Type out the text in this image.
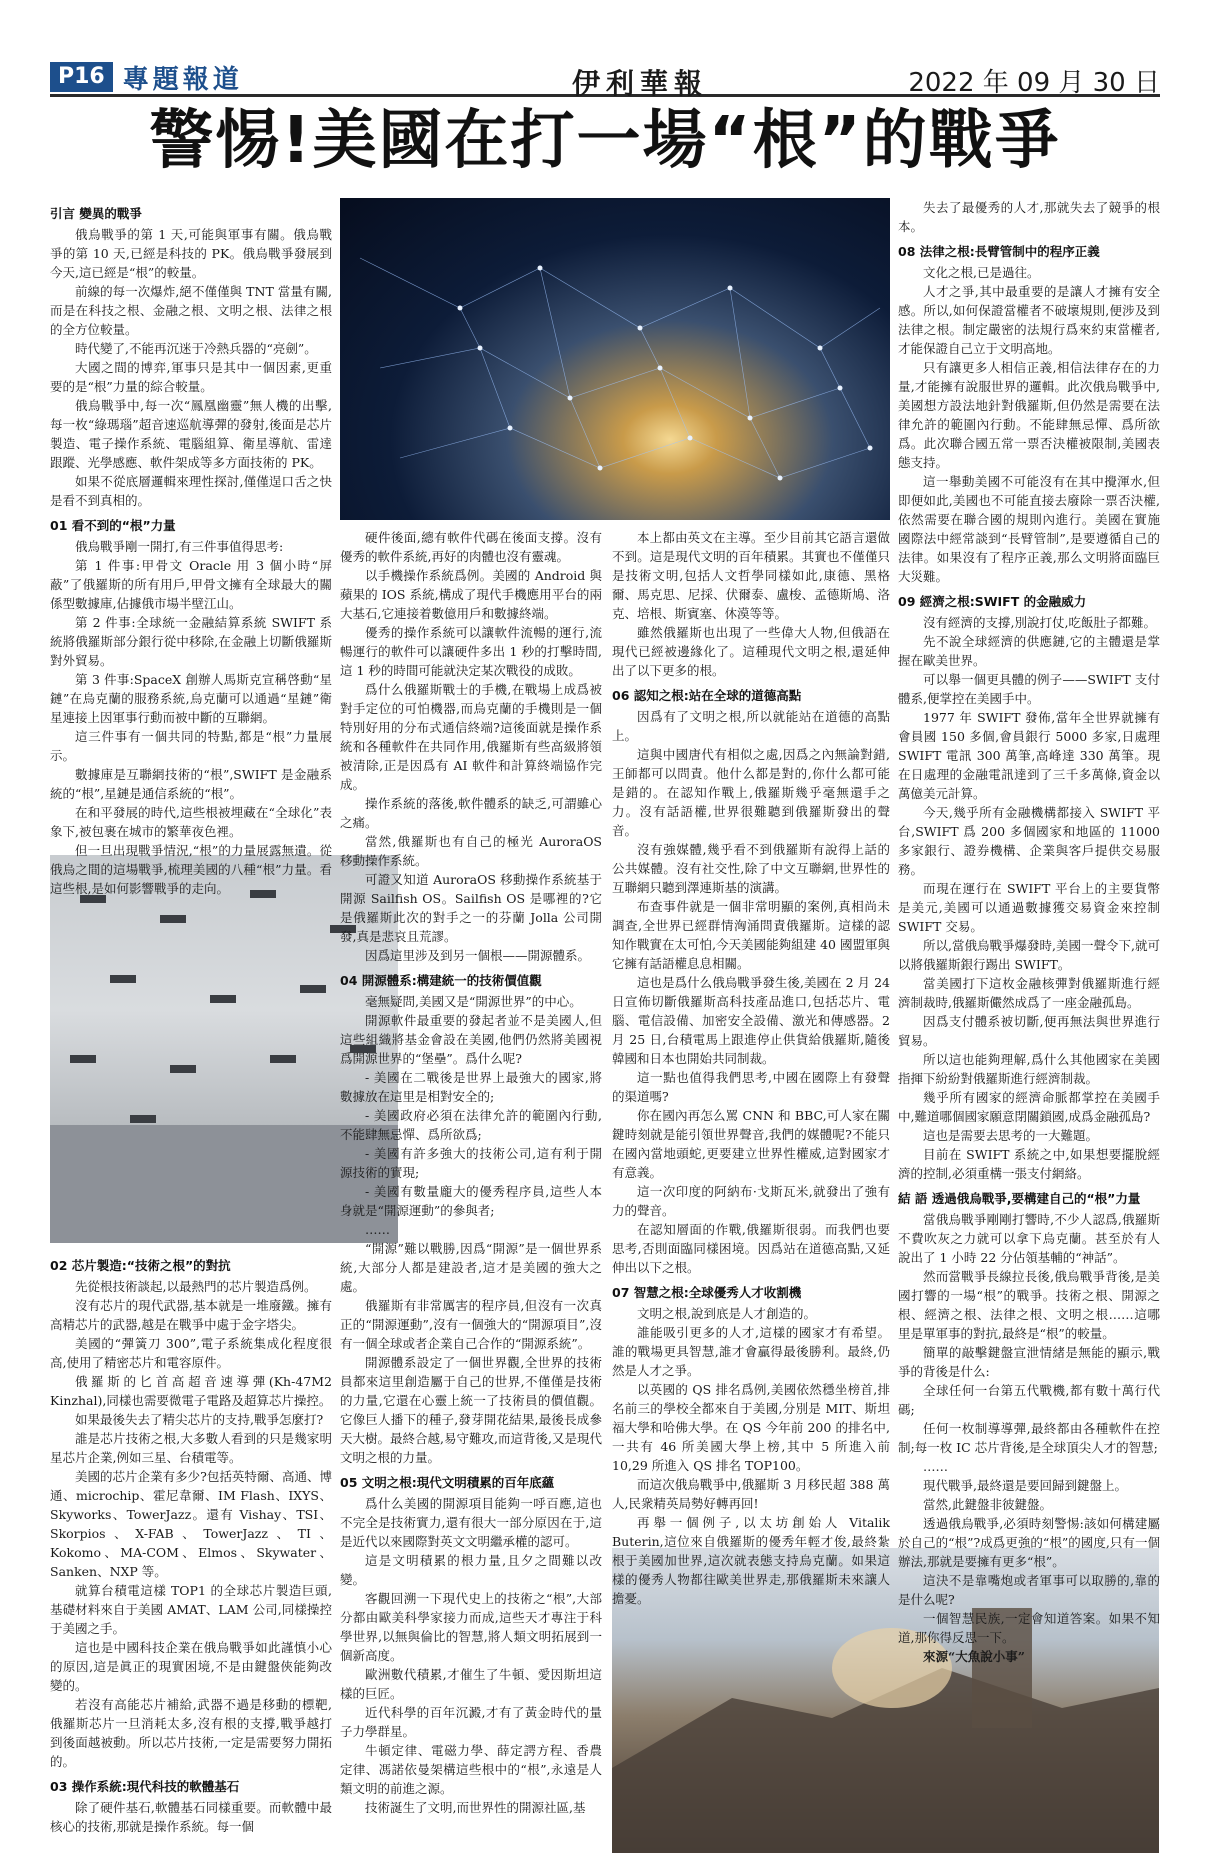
P16 專題報道	伊利華報	2022 年 09 月 30 日
警惕!美國在打一場“根”的戰爭
引言 變異的戰爭

俄烏戰爭的第 1 天,可能與軍事有關。俄烏戰爭的第 10 天,已經是科技的 PK。俄烏戰爭發展到今天,這已經是“根”的較量。

前線的每一次爆炸,絕不僅僅與 TNT 當量有關,而是在科技之根、金融之根、文明之根、法律之根的全方位較量。

時代變了,不能再沉迷于冷熱兵器的“亮劍”。

大國之間的博弈,軍事只是其中一個因素,更重要的是“根”力量的綜合較量。

俄烏戰爭中,每一次“鳳凰幽靈”無人機的出擊,每一枚“綠瑪瑙”超音速巡航導彈的發射,後面是芯片製造、電子操作系統、電腦組算、衛星導航、雷達跟蹤、光學感應、軟件架成等多方面技術的 PK。

如果不從底層邏輯來理性探討,僅僅逞口舌之快是看不到真相的。

01 看不到的“根”力量

俄烏戰爭剛一開打,有三件事值得思考:

第 1 件事:甲骨文 Oracle 用 3 個小時“屏蔽”了俄羅斯的所有用戶,甲骨文擁有全球最大的關係型數據庫,佔據俄市場半壁江山。

第 2 件事:全球統一金融結算系統 SWIFT 系統將俄羅斯部分銀行從中移除,在金融上切斷俄羅斯對外貿易。

第 3 件事:SpaceX 創辦人馬斯克宣稱啓動“星鏈”在烏克蘭的服務系統,烏克蘭可以通過“星鏈”衛星連接上因軍事行動而被中斷的互聯網。

這三件事有一個共同的特點,都是“根”力量展示。

數據庫是互聯網技術的“根”,SWIFT 是金融系統的“根”,星鏈是通信系統的“根”。

在和平發展的時代,這些根被埋藏在“全球化”表象下,被包裹在城市的繁華夜色裡。

但一旦出現戰爭情況,“根”的力量展露無遺。從俄烏之間的這場戰爭,梳理美國的八種“根”力量。看這些根,是如何影響戰爭的走向。

02 芯片製造:“技術之根”的對抗

先從根技術談起,以最熱門的芯片製造爲例。

沒有芯片的現代武器,基本就是一堆廢鐵。擁有高精芯片的武器,越是在戰爭中處于金字塔尖。

美國的“彈簧刀 300”,電子系統集成化程度很高,使用了精密芯片和電容原件。

俄羅斯的匕首高超音速導彈(Kh-47M2 Kinzhal),同樣也需要微電子電路及超算芯片操控。

如果最後失去了精尖芯片的支持,戰爭怎麼打?

誰是芯片技術之根,大多數人看到的只是幾家明星芯片企業,例如三星、台積電等。

美國的芯片企業有多少?包括英特爾、高通、博通、microchip、霍尼韋爾、IM Flash、IXYS、Skyworks、TowerJazz。還有 Vishay、TSI、Skorpios、X-FAB、TowerJazz、TI、Kokomo、MA-COM、Elmos、Skywater、Sanken、NXP 等。

就算台積電這樣 TOP1 的全球芯片製造巨頭,基礎材料來自于美國 AMAT、LAM 公司,同樣操控于美國之手。

這也是中國科技企業在俄烏戰爭如此謹慎小心的原因,這是眞正的現實困境,不是由鍵盤俠能夠改變的。

若沒有高能芯片補給,武器不過是移動的標靶,俄羅斯芯片一旦消耗太多,沒有根的支撐,戰爭越打到後面越被動。所以芯片技術,一定是需要努力開拓的。

03 操作系統:現代科技的軟體基石

除了硬件基石,軟體基石同樣重要。而軟體中最核心的技術,那就是操作系統。每一個

硬件後面,總有軟件代碼在後面支撐。沒有優秀的軟件系統,再好的肉體也沒有靈魂。

以手機操作系統爲例。美國的 Android 與蘋果的 IOS 系統,構成了現代手機應用平台的兩大基石,它連接着數億用戶和數據終端。

優秀的操作系統可以讓軟件流暢的運行,流暢運行的軟件可以讓硬件多出 1 秒的打擊時間,這 1 秒的時間可能就決定某次戰役的成敗。

爲什么俄羅斯戰士的手機,在戰場上成爲被對手定位的可怕機器,而烏克蘭的手機則是一個特別好用的分布式通信終端?這後面就是操作系統和各種軟件在共同作用,俄羅斯有些高級將領被清除,正是因爲有 AI 軟件和計算終端協作完成。

操作系統的落後,軟件體系的缺乏,可謂雖心之痛。

當然,俄羅斯也有自己的極光 AuroraOS 移動操作系統。

可證又知道 AuroraOS 移動操作系統基于開源 Sailfish OS。Sailfish OS 是哪裡的?它是俄羅斯此次的對手之一的芬蘭 Jolla 公司開發,真是悲哀且荒謬。

因爲這里涉及到另一個根——開源體系。

04 開源體系:構建統一的技術價值觀

毫無疑問,美國又是“開源世界”的中心。

開源軟件最重要的發起者並不是美國人,但這些組織將基金會設在美國,他們仍然將美國視爲開源世界的“堡壘”。爲什么呢?

- 美國在二戰後是世界上最強大的國家,將數據放在這里是相對安全的;

- 美國政府必須在法律允許的範圍內行動,不能肆無忌憚、爲所欲爲;

- 美國有許多強大的技術公司,這有利于開源技術的實現;

- 美國有數量龐大的優秀程序員,這些人本身就是“開源運動”的參與者;

……

“開源”難以戰勝,因爲“開源”是一個世界系統,大部分人都是建設者,這才是美國的強大之處。

俄羅斯有非常厲害的程序員,但沒有一次真正的“開源運動”,沒有一個強大的“開源項目”,沒有一個全球或者企業自己合作的“開源系統”。

開源體系設定了一個世界觀,全世界的技術員都來這里創造屬于自己的世界,不僅僅是技術的力量,它還在心靈上統一了技術員的價值觀。它像巨人播下的種子,發芽開花結果,最後長成參天大樹。最終合越,易守難攻,而這背後,又是現代文明之根的力量。

05 文明之根:現代文明積累的百年底蘊

爲什么美國的開源項目能夠一呼百應,這也不完全是技術實力,還有很大一部分原因在于,這是近代以來國際對英文文明繼承權的認可。

這是文明積累的根力量,且夕之間難以改變。

客觀回溯一下現代史上的技術之“根”,大部分都由歐美科學家接力而成,這些天才專注于科學世界,以無與倫比的智慧,將人類文明拓展到一個新高度。

歐洲數代積累,才催生了牛頓、愛因斯坦這樣的巨匠。

近代科學的百年沉澱,才有了黃金時代的量子力學群星。

牛頓定律、電磁力學、薛定諤方程、香農定律、馮諾依曼架構這些根中的“根”,永遠是人類文明的前進之源。

技術誕生了文明,而世界性的開源社區,基

本上都由英文在主導。至少目前其它語言還做不到。這是現代文明的百年積累。其實也不僅僅只是技術文明,包括人文哲學同樣如此,康德、黑格爾、馬克思、尼採、伏爾泰、盧梭、孟德斯鳩、洛克、培根、斯賓塞、休漠等等。

雖然俄羅斯也出現了一些偉大人物,但俄語在現代已經被邊緣化了。這種現代文明之根,還延伸出了以下更多的根。

06 認知之根:站在全球的道德高點

因爲有了文明之根,所以就能站在道德的高點上。

這與中國唐代有相似之處,因爲之內無論對錯,王師都可以問責。他什么都是對的,你什么都可能是錯的。在認知作戰上,俄羅斯幾乎毫無還手之力。沒有話語權,世界很難聽到俄羅斯發出的聲音。

沒有強媒體,幾乎看不到俄羅斯有說得上話的公共媒體。沒有社交性,除了中文互聯網,世界性的互聯網只聽到澤連斯基的演講。

布查事件就是一個非常明顯的案例,真相尚未調查,全世界已經群情洶涌問責俄羅斯。這樣的認知作戰實在太可怕,今天美國能夠組建 40 國盟軍與它擁有話語權息息相關。

這也是爲什么俄烏戰爭發生後,美國在 2 月 24 日宣佈切斷俄羅斯高科技產品進口,包括芯片、電腦、電信設備、加密安全設備、激光和傳感器。2 月 25 日,台積電馬上跟進停止供貨給俄羅斯,隨後韓國和日本也開始共同制裁。

這一點也值得我們思考,中國在國際上有發聲的渠道嗎?

你在國內再怎么罵 CNN 和 BBC,可人家在關鍵時刻就是能引領世界聲音,我們的媒體呢?不能只在國內當地頭蛇,更要建立世界性權威,這對國家才有意義。

這一次印度的阿納布·戈斯瓦米,就發出了強有力的聲音。

在認知層面的作戰,俄羅斯很弱。而我們也要思考,否則面臨同樣困境。因爲站在道德高點,又延伸出以下之根。

07 智慧之根:全球優秀人才收割機

文明之根,說到底是人才創造的。

誰能吸引更多的人才,這樣的國家才有希望。誰的戰場更具智慧,誰才會贏得最後勝利。最終,仍然是人才之爭。

以英國的 QS 排名爲例,美國依然穩坐榜首,排名前三的學校全都來自于美國,分別是 MIT、斯坦福大學和哈佛大學。在 QS 今年前 200 的排名中,一共有 46 所美國大學上榜,其中 5 所進入前 10,29 所進入 QS 排名 TOP100。

而這次俄烏戰爭中,俄羅斯 3 月移民超 388 萬人,民衆精英局勢好轉再回!

再舉一個例子,以太坊創始人 Vitalik Buterin,這位來自俄羅斯的優秀年輕才俊,最終紮根于美國加世界,這次就表態支持烏克蘭。如果這樣的優秀人物都往歐美世界走,那俄羅斯未來讓人擔憂。

失去了最優秀的人才,那就失去了競爭的根本。

08 法律之根:長臂管制中的程序正義

文化之根,已是過往。

人才之爭,其中最重要的是讓人才擁有安全感。所以,如何保證當權者不破壞規則,便涉及到法律之根。制定嚴密的法規行爲來約束當權者,才能保證自己立于文明高地。

只有讓更多人相信正義,相信法律存在的力量,才能擁有說服世界的邏輯。此次俄烏戰爭中,美國想方設法地針對俄羅斯,但仍然是需要在法律允許的範圍內行動。不能肆無忌憚、爲所欲爲。此次聯合國五常一票否決權被限制,美國表態支持。

這一舉動美國不可能沒有在其中攪渾水,但即便如此,美國也不可能直接去廢除一票否決權,依然需要在聯合國的規則內進行。美國在實施國際法中經常談到“長臂管制”,是要遵循自己的法律。如果沒有了程序正義,那么文明將面臨巨大災難。

09 經濟之根:SWIFT 的金融威力

沒有經濟的支撐,別說打仗,吃飯肚子都難。

先不說全球經濟的供應鏈,它的主體還是掌握在歐美世界。

可以舉一個更具體的例子——SWIFT 支付體系,便掌控在美國手中。

1977 年 SWIFT 發佈,當年全世界就擁有會員國 150 多個,會員銀行 5000 多家,日處理 SWIFT 電訊 300 萬筆,高峰達 330 萬筆。現在日處理的金融電訊達到了三千多萬條,資金以萬億美元計算。

今天,幾乎所有金融機構都接入 SWIFT 平台,SWIFT 爲 200 多個國家和地區的 11000 多家銀行、證券機構、企業與客戶提供交易服務。

而現在運行在 SWIFT 平台上的主要貨幣是美元,美國可以通過數據獲交易資金來控制 SWIFT 交易。

所以,當俄烏戰爭爆發時,美國一聲令下,就可以將俄羅斯銀行踢出 SWIFT。

當美國打下這枚金融核彈對俄羅斯進行經濟制裁時,俄羅斯儼然成爲了一座金融孤島。

因爲支付體系被切斷,便再無法與世界進行貿易。

所以這也能夠理解,爲什么其他國家在美國指揮下紛紛對俄羅斯進行經濟制裁。

幾乎所有國家的經濟命脈都掌控在美國手中,難道哪個國家願意閉關鎖國,成爲金融孤島?

這也是需要去思考的一大難題。

目前在 SWIFT 系統之中,如果想要擺脫經濟的控制,必須重構一張支付網絡。

結 語 透過俄烏戰爭,要構建自己的“根”力量

當俄烏戰爭剛剛打響時,不少人認爲,俄羅斯不費吹灰之力就可以拿下烏克蘭。甚至於有人說出了 1 小時 22 分佔領基輔的“神話”。

然而當戰爭長線拉長後,俄烏戰爭背後,是美國打響的一場“根”的戰爭。技術之根、開源之根、經濟之根、法律之根、文明之根……這哪里是單軍事的對抗,最終是“根”的較量。

簡單的敲擊鍵盤宣泄情緒是無能的顯示,戰爭的背後是什么:

全球任何一台第五代戰機,都有數十萬行代碼;

任何一枚制導導彈,最終都由各種軟件在控制;每一枚 IC 芯片背後,是全球頂尖人才的智慧;

……

現代戰爭,最終還是要回歸到鍵盤上。

當然,此鍵盤非彼鍵盤。

透過俄烏戰爭,必須時刻警惕:該如何構建屬於自己的“根”?成爲更強的“根”的國度,只有一個辦法,那就是要擁有更多“根”。

這決不是靠嘴炮或者軍事可以取勝的,靠的是什么呢?

一個智慧民族,一定會知道答案。如果不知道,那你得反思一下。

來源“大魚說小事”
